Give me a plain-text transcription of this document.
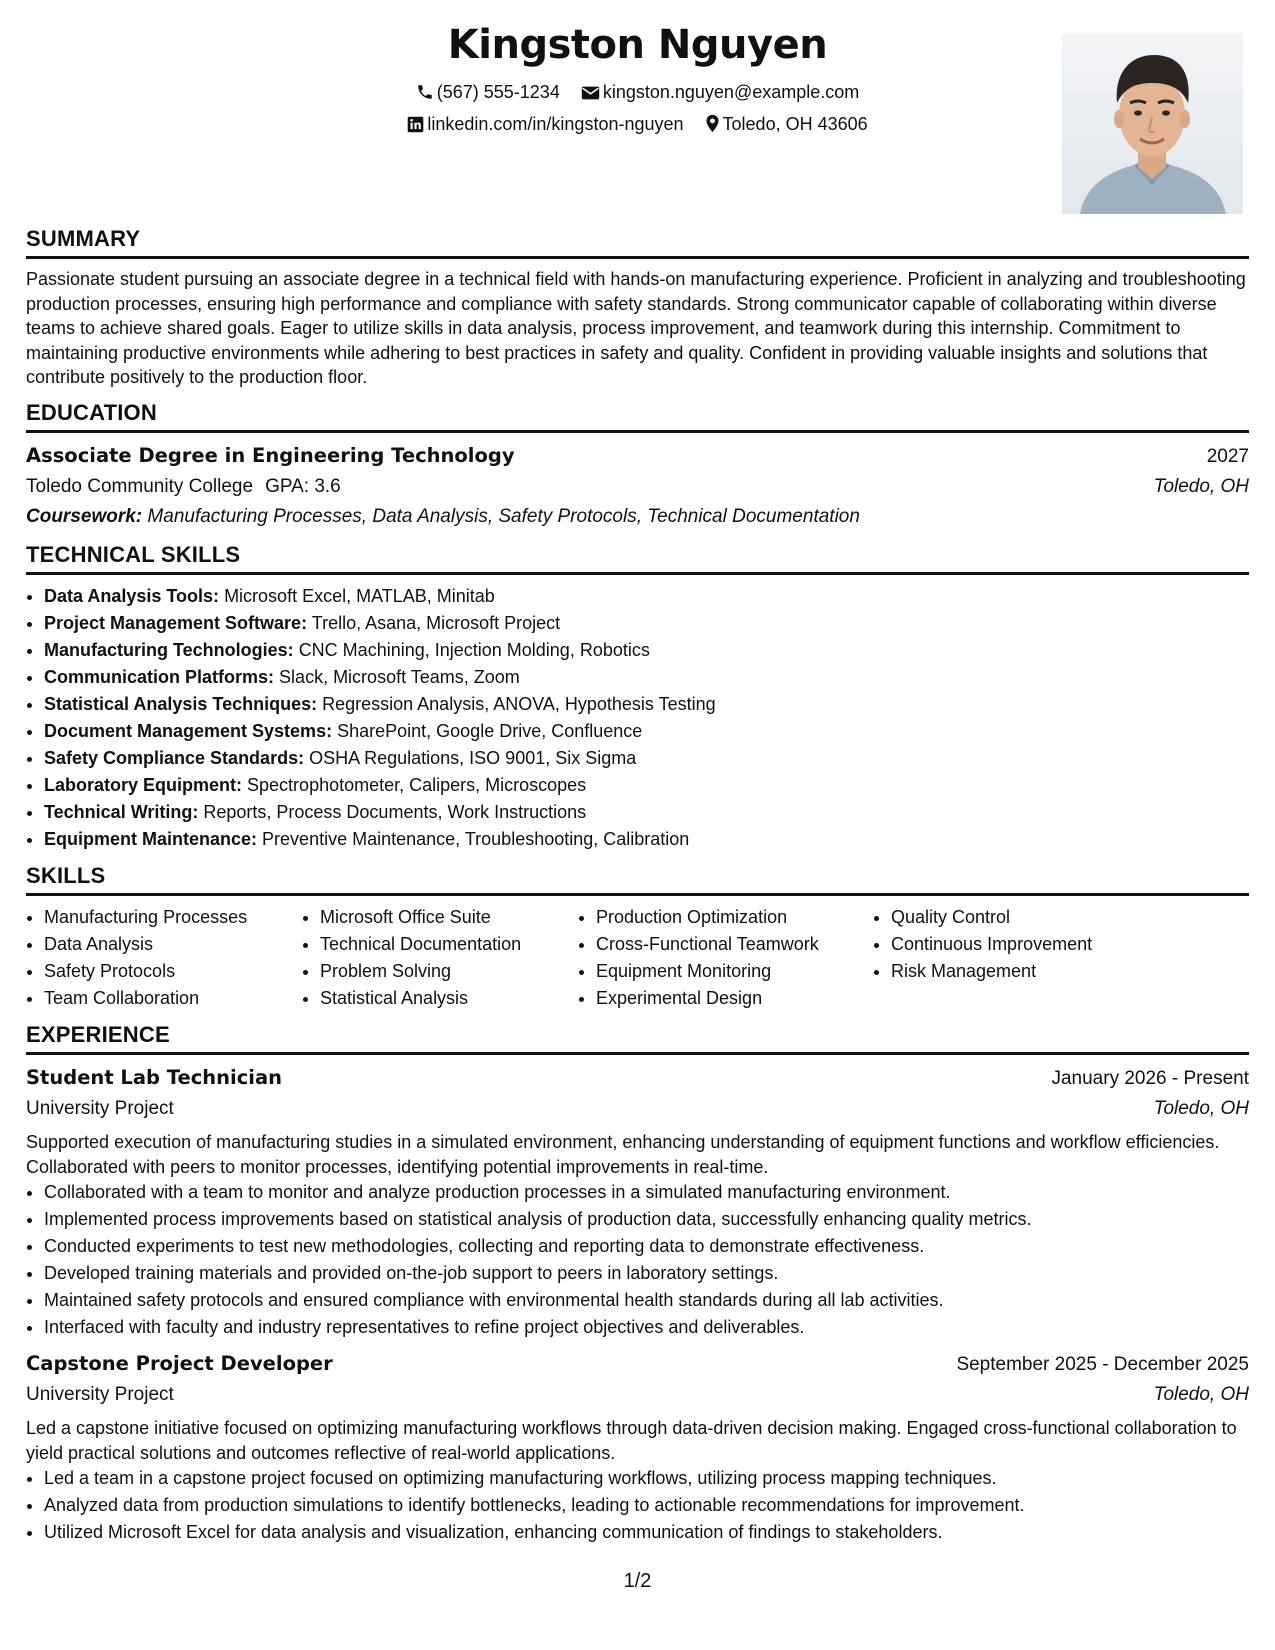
Kingston Nguyen
(567) 555-1234 kingston.nguyen@example.com
linkedin.com/in/kingston-nguyen Toledo, OH 43606
SUMMARY

Passionate student pursuing an associate degree in a technical field with hands-on manufacturing experience. Proficient in analyzing and troubleshooting production processes, ensuring high performance and compliance with safety standards. Strong communicator capable of collaborating within diverse teams to achieve shared goals. Eager to utilize skills in data analysis, process improvement, and teamwork during this internship. Commitment to maintaining productive environments while adhering to best practices in safety and quality. Confident in providing valuable insights and solutions that contribute positively to the production floor.

EDUCATION
Associate Degree in Engineering Technology	2027
Toledo Community College GPA: 3.6	Toledo, OH
Coursework: Manufacturing Processes, Data Analysis, Safety Protocols, Technical Documentation
TECHNICAL SKILLS
• Data Analysis Tools: Microsoft Excel, MATLAB, Minitab
• Project Management Software: Trello, Asana, Microsoft Project
• Manufacturing Technologies: CNC Machining, Injection Molding, Robotics
• Communication Platforms: Slack, Microsoft Teams, Zoom
• Statistical Analysis Techniques: Regression Analysis, ANOVA, Hypothesis Testing
• Document Management Systems: SharePoint, Google Drive, Confluence
• Safety Compliance Standards: OSHA Regulations, ISO 9001, Six Sigma
• Laboratory Equipment: Spectrophotometer, Calipers, Microscopes
• Technical Writing: Reports, Process Documents, Work Instructions
• Equipment Maintenance: Preventive Maintenance, Troubleshooting, Calibration
SKILLS
• Manufacturing Processes
• Data Analysis
• Safety Protocols
• Team Collaboration
• Microsoft Office Suite
• Technical Documentation
• Problem Solving
• Statistical Analysis
• Production Optimization
• Cross-Functional Teamwork
• Equipment Monitoring
• Experimental Design
• Quality Control
• Continuous Improvement
• Risk Management
EXPERIENCE
Student Lab Technician	January 2026 - Present
University Project	Toledo, OH

Supported execution of manufacturing studies in a simulated environment, enhancing understanding of equipment functions and workflow efficiencies. Collaborated with peers to monitor processes, identifying potential improvements in real-time.

• Collaborated with a team to monitor and analyze production processes in a simulated manufacturing environment.
• Implemented process improvements based on statistical analysis of production data, successfully enhancing quality metrics.
• Conducted experiments to test new methodologies, collecting and reporting data to demonstrate effectiveness.
• Developed training materials and provided on-the-job support to peers in laboratory settings.
• Maintained safety protocols and ensured compliance with environmental health standards during all lab activities.
• Interfaced with faculty and industry representatives to refine project objectives and deliverables.
Capstone Project Developer	September 2025 - December 2025
University Project	Toledo, OH

Led a capstone initiative focused on optimizing manufacturing workflows through data-driven decision making. Engaged cross-functional collaboration to yield practical solutions and outcomes reflective of real-world applications.

• Led a team in a capstone project focused on optimizing manufacturing workflows, utilizing process mapping techniques.
• Analyzed data from production simulations to identify bottlenecks, leading to actionable recommendations for improvement.
• Utilized Microsoft Excel for data analysis and visualization, enhancing communication of findings to stakeholders.
1/2
